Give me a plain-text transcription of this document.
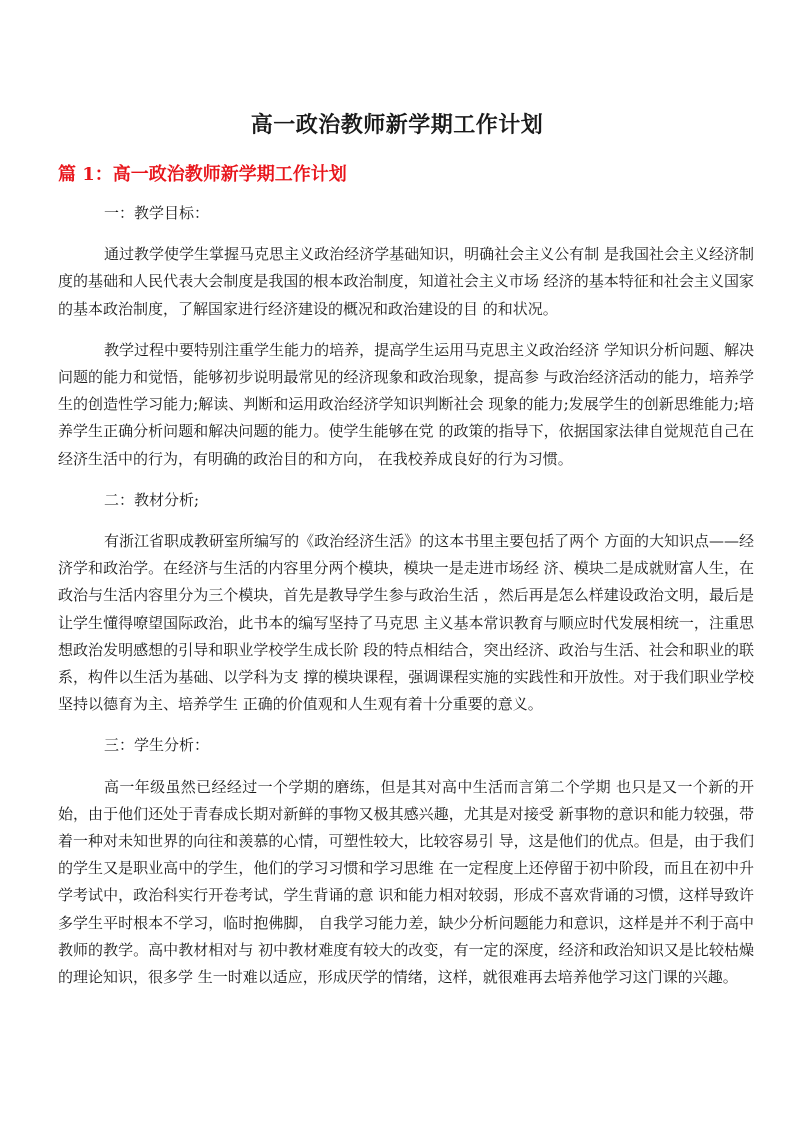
高一政治教师新学期工作计划
篇 1：高一政治教师新学期工作计划

一：教学目标：

通过教学使学生掌握马克思主义政治经济学基础知识，明确社会主义公有制 是我国社会主义经济制度的基础和人民代表大会制度是我国的根本政治制度，知道社会主义市场 经济的基本特征和社会主义国家的基本政治制度，了解国家进行经济建设的概况和政治建设的目 的和状况。

教学过程中要特别注重学生能力的培养，提高学生运用马克思主义政治经济 学知识分析问题、解决问题的能力和觉悟，能够初步说明最常见的经济现象和政治现象，提高参 与政治经济活动的能力，培养学生的创造性学习能力;解读、判断和运用政治经济学知识判断社会 现象的能力;发展学生的创新思维能力;培养学生正确分析问题和解决问题的能力。使学生能够在党 的政策的指导下，依据国家法律自觉规范自己在经济生活中的行为，有明确的政治目的和方向， 在我校养成良好的行为习惯。

二：教材分析;

有浙江省职成教研室所编写的《政治经济生活》的这本书里主要包括了两个 方面的大知识点——经济学和政治学。在经济与生活的内容里分两个模块，模块一是走进市场经 济、模块二是成就财富人生，在政治与生活内容里分为三个模块，首先是教导学生参与政治生活 ，然后再是怎么样建设政治文明，最后是让学生懂得嘹望国际政治，此书本的编写坚持了马克思 主义基本常识教育与顺应时代发展相统一，注重思想政治发明感想的引导和职业学校学生成长阶 段的特点相结合，突出经济、政治与生活、社会和职业的联系，构件以生活为基础、以学科为支 撑的模块课程，强调课程实施的实践性和开放性。对于我们职业学校坚持以德育为主、培养学生 正确的价值观和人生观有着十分重要的意义。

三：学生分析：

高一年级虽然已经经过一个学期的磨练，但是其对高中生活而言第二个学期 也只是又一个新的开始，由于他们还处于青春成长期对新鲜的事物又极其感兴趣，尤其是对接受 新事物的意识和能力较强，带着一种对未知世界的向往和羡慕的心情，可塑性较大，比较容易引 导，这是他们的优点。但是，由于我们的学生又是职业高中的学生，他们的学习习惯和学习思维 在一定程度上还停留于初中阶段，而且在初中升学考试中，政治科实行开卷考试，学生背诵的意 识和能力相对较弱，形成不喜欢背诵的习惯，这样导致许多学生平时根本不学习，临时抱佛脚， 自我学习能力差，缺少分析问题能力和意识，这样是并不利于高中教师的教学。高中教材相对与 初中教材难度有较大的改变，有一定的深度，经济和政治知识又是比较枯燥的理论知识，很多学 生一时难以适应，形成厌学的情绪，这样，就很难再去培养他学习这门课的兴趣。
